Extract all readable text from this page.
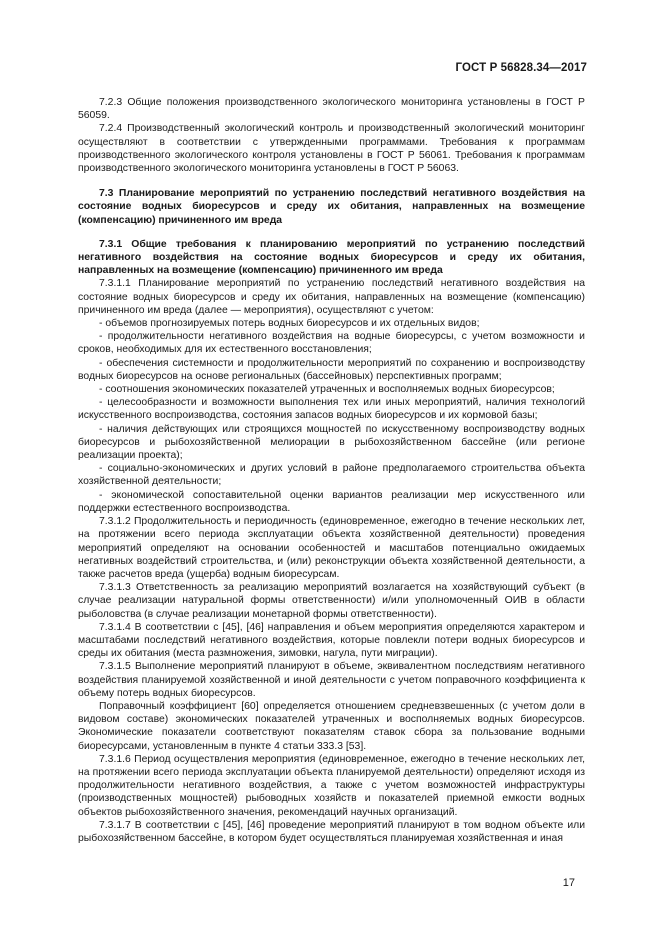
ГОСТ Р 56828.34—2017

7.2.3 Общие положения производственного экологического мониторинга установлены в ГОСТ Р 56059.

7.2.4 Производственный экологический контроль и производственный экологический мониторинг осуществляют в соответствии с утвержденными программами. Требования к программам производственного экологического контроля установлены в ГОСТ Р 56061. Требования к программам производственного экологического мониторинга установлены в ГОСТ Р 56063.

7.3 Планирование мероприятий по устранению последствий негативного воздействия на состояние водных биоресурсов и среду их обитания, направленных на возмещение (компенсацию) причиненного им вреда

7.3.1 Общие требования к планированию мероприятий по устранению последствий негативного воздействия на состояние водных биоресурсов и среду их обитания, направленных на возмещение (компенсацию) причиненного им вреда

7.3.1.1 Планирование мероприятий по устранению последствий негативного воздействия на состояние водных биоресурсов и среду их обитания, направленных на возмещение (компенсацию) причиненного им вреда (далее — мероприятия), осуществляют с учетом:

- объемов прогнозируемых потерь водных биоресурсов и их отдельных видов;

- продолжительности негативного воздействия на водные биоресурсы, с учетом возможности и сроков, необходимых для их естественного восстановления;

- обеспечения системности и продолжительности мероприятий по сохранению и воспроизводству водных биоресурсов на основе региональных (бассейновых) перспективных программ;

- соотношения экономических показателей утраченных и восполняемых водных биоресурсов;

- целесообразности и возможности выполнения тех или иных мероприятий, наличия технологий искусственного воспроизводства, состояния запасов водных биоресурсов и их кормовой базы;

- наличия действующих или строящихся мощностей по искусственному воспроизводству водных биоресурсов и рыбохозяйственной мелиорации в рыбохозяйственном бассейне (или регионе реализации проекта);

- социально-экономических и других условий в районе предполагаемого строительства объекта хозяйственной деятельности;

- экономической сопоставительной оценки вариантов реализации мер искусственного или поддержки естественного воспроизводства.

7.3.1.2 Продолжительность и периодичность (единовременное, ежегодно в течение нескольких лет, на протяжении всего периода эксплуатации объекта хозяйственной деятельности) проведения мероприятий определяют на основании особенностей и масштабов потенциально ожидаемых негативных воздействий строительства, и (или) реконструкции объекта хозяйственной деятельности, а также расчетов вреда (ущерба) водным биоресурсам.

7.3.1.3 Ответственность за реализацию мероприятий возлагается на хозяйствующий субъект (в случае реализации натуральной формы ответственности) и/или уполномоченный ОИВ в области рыболовства (в случае реализации монетарной формы ответственности).

7.3.1.4 В соответствии с [45], [46] направления и объем мероприятия определяются характером и масштабами последствий негативного воздействия, которые повлекли потери водных биоресурсов и среды их обитания (места размножения, зимовки, нагула, пути миграции).

7.3.1.5 Выполнение мероприятий планируют в объеме, эквивалентном последствиям негативного воздействия планируемой хозяйственной и иной деятельности с учетом поправочного коэффициента к объему потерь водных биоресурсов.

Поправочный коэффициент [60] определяется отношением средневзвешенных (с учетом доли в видовом составе) экономических показателей утраченных и восполняемых водных биоресурсов. Экономические показатели соответствуют показателям ставок сбора за пользование водными биоресурсами, установленным в пункте 4 статьи 333.3 [53].

7.3.1.6 Период осуществления мероприятия (единовременное, ежегодно в течение нескольких лет, на протяжении всего периода эксплуатации объекта планируемой деятельности) определяют исходя из продолжительности негативного воздействия, а также с учетом возможностей инфраструктуры (производственных мощностей) рыбоводных хозяйств и показателей приемной емкости водных объектов рыбохозяйственного значения, рекомендаций научных организаций.

7.3.1.7 В соответствии с [45], [46] проведение мероприятий планируют в том водном объекте или рыбохозяйственном бассейне, в котором будет осуществляться планируемая хозяйственная и иная

17
